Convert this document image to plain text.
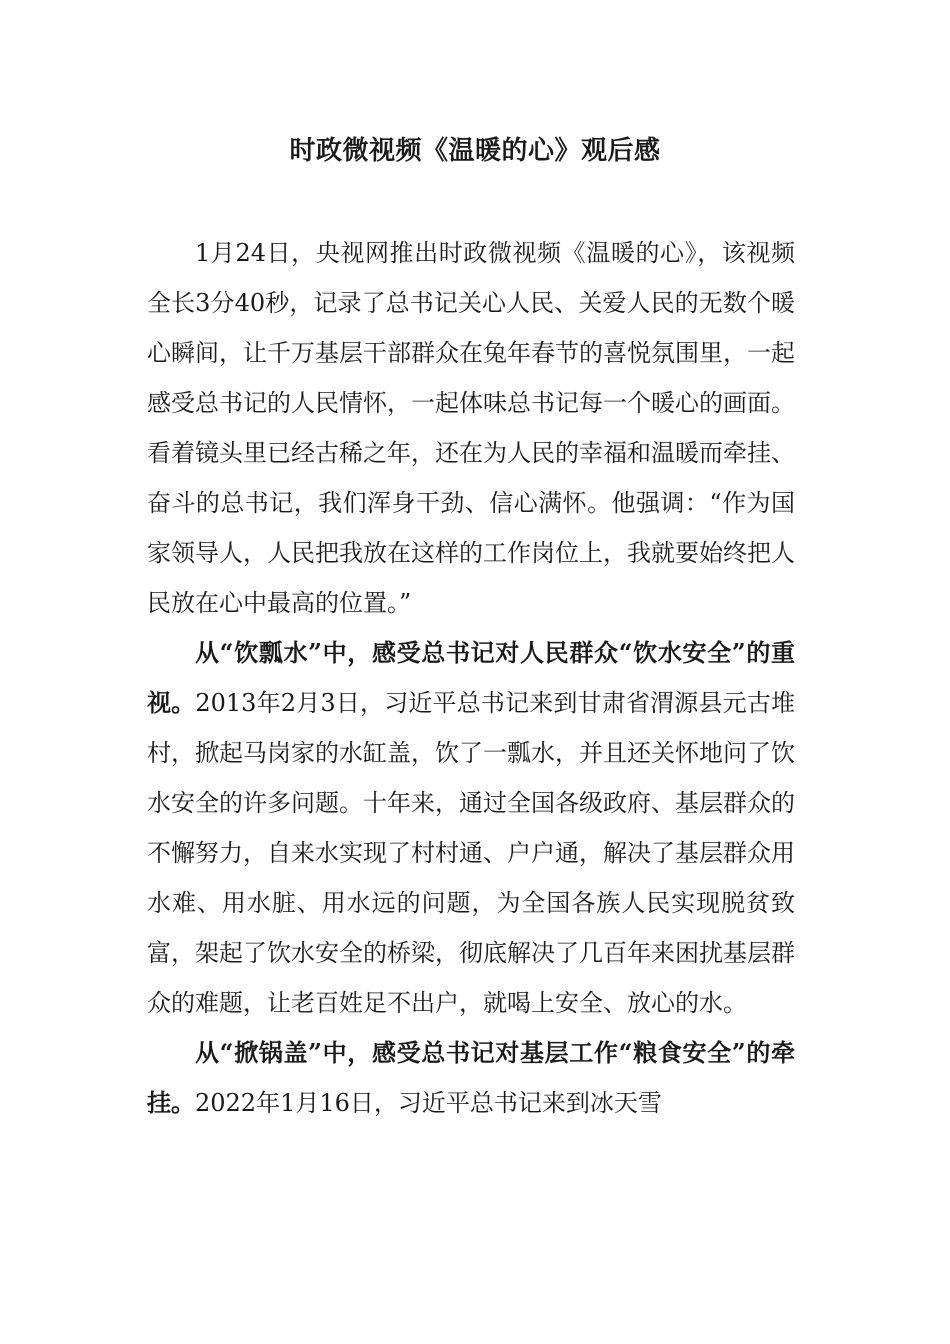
时政微视频《温暖的心》观后感

1月24日，央视网推出时政微视频《温暖的心》，该视频全长3分40秒，记录了总书记关心人民、关爱人民的无数个暖心瞬间，让千万基层干部群众在兔年春节的喜悦氛围里，一起感受总书记的人民情怀，一起体味总书记每一个暖心的画面。看着镜头里已经古稀之年，还在为人民的幸福和温暖而牵挂、奋斗的总书记，我们浑身干劲、信心满怀。他强调：“作为国家领导人，人民把我放在这样的工作岗位上，我就要始终把人民放在心中最高的位置。”

从“饮瓢水”中，感受总书记对人民群众“饮水安全”的重视。2013年2月3日，习近平总书记来到甘肃省渭源县元古堆村，掀起马岗家的水缸盖，饮了一瓢水，并且还关怀地问了饮水安全的许多问题。十年来，通过全国各级政府、基层群众的不懈努力，自来水实现了村村通、户户通，解决了基层群众用水难、用水脏、用水远的问题，为全国各族人民实现脱贫致富，架起了饮水安全的桥梁，彻底解决了几百年来困扰基层群众的难题，让老百姓足不出户，就喝上安全、放心的水。

从“掀锅盖”中，感受总书记对基层工作“粮食安全”的牵挂。2022年1月16日，习近平总书记来到冰天雪
